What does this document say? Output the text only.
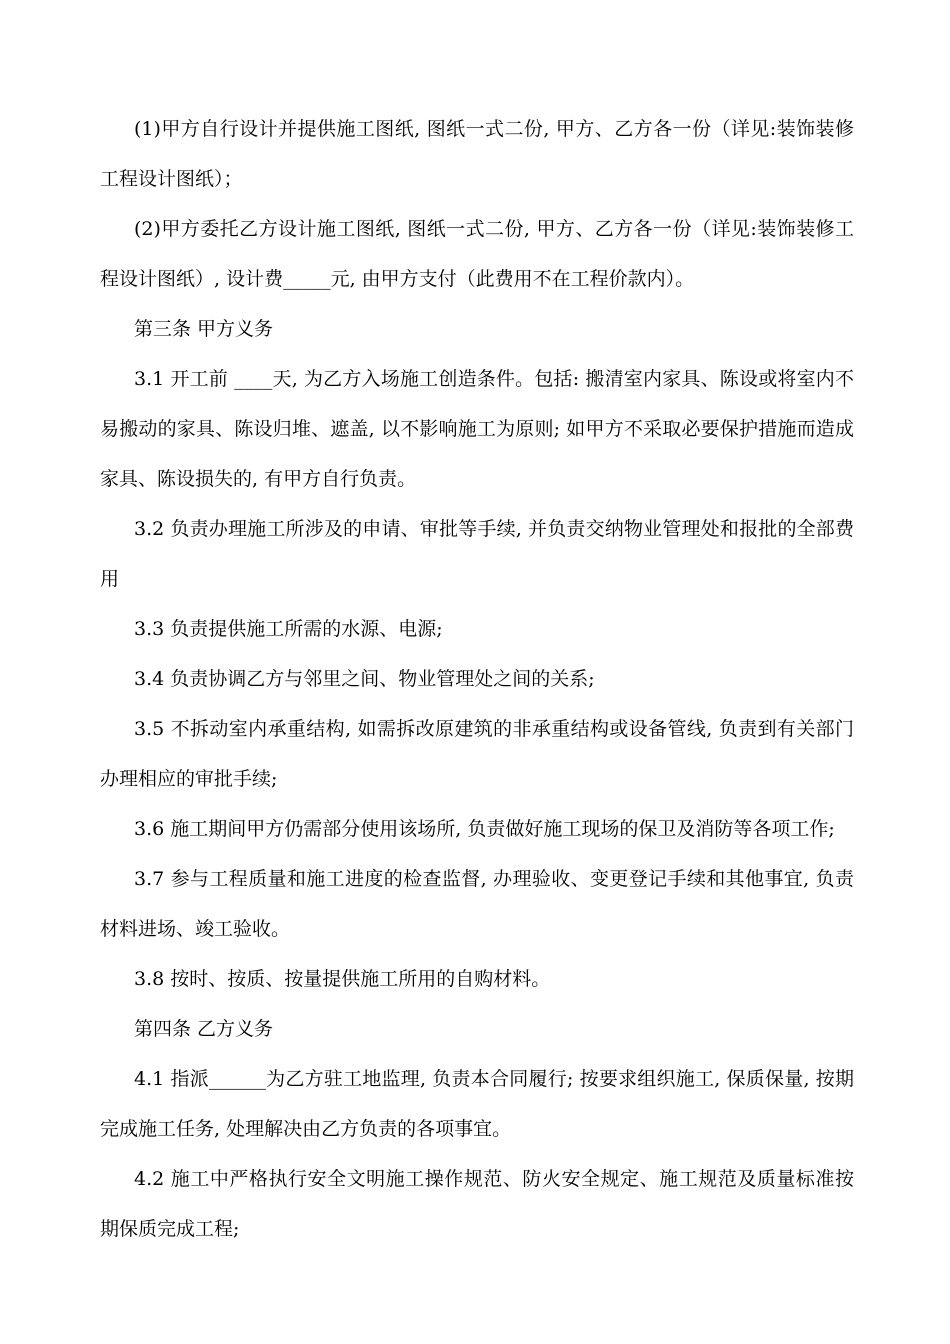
(1)甲方自行设计并提供施工图纸, 图纸一式二份, 甲方、乙方各一份（详见:装饰装修工程设计图纸）；

(2)甲方委托乙方设计施工图纸, 图纸一式二份, 甲方、乙方各一份（详见:装饰装修工程设计图纸）, 设计费_____元, 由甲方支付（此费用不在工程价款内）。

第三条 甲方义务

3.1 开工前 ____天, 为乙方入场施工创造条件。包括: 搬清室内家具、陈设或将室内不易搬动的家具、陈设归堆、遮盖, 以不影响施工为原则; 如甲方不采取必要保护措施而造成家具、陈设损失的, 有甲方自行负责。

3.2 负责办理施工所涉及的申请、审批等手续, 并负责交纳物业管理处和报批的全部费用

3.3 负责提供施工所需的水源、电源;

3.4 负责协调乙方与邻里之间、物业管理处之间的关系;

3.5 不拆动室内承重结构, 如需拆改原建筑的非承重结构或设备管线, 负责到有关部门办理相应的审批手续;

3.6 施工期间甲方仍需部分使用该场所, 负责做好施工现场的保卫及消防等各项工作;

3.7 参与工程质量和施工进度的检查监督, 办理验收、变更登记手续和其他事宜, 负责材料进场、竣工验收。

3.8 按时、按质、按量提供施工所用的自购材料。

第四条 乙方义务

4.1 指派______为乙方驻工地监理, 负责本合同履行; 按要求组织施工, 保质保量, 按期完成施工任务, 处理解决由乙方负责的各项事宜。

4.2 施工中严格执行安全文明施工操作规范、防火安全规定、施工规范及质量标准按期保质完成工程;
